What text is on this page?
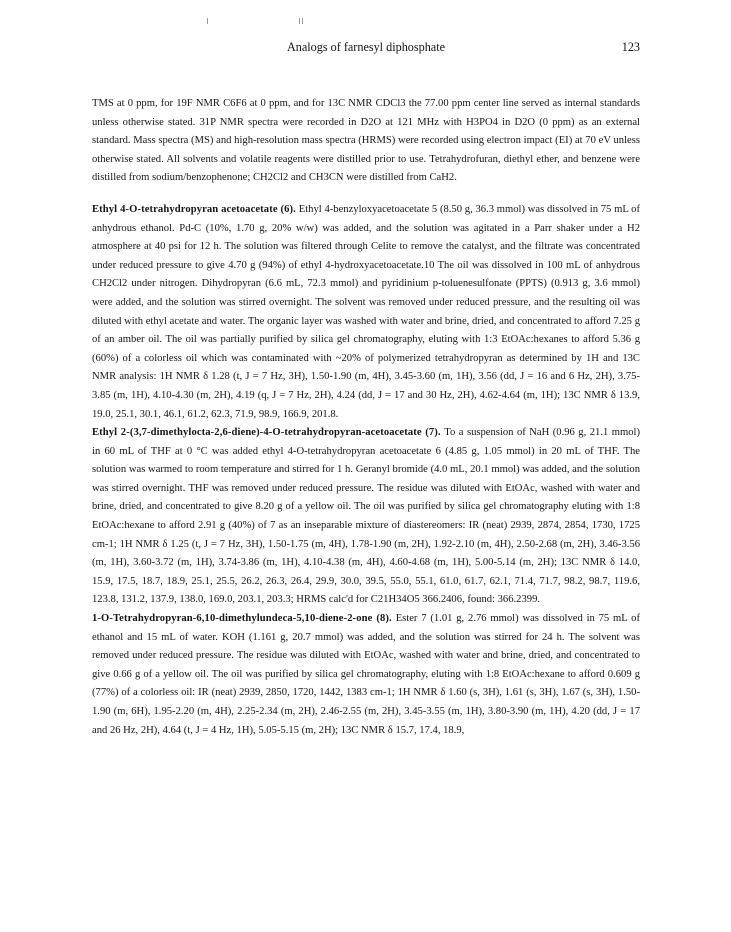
Analogs of farnesyl diphosphate	123

TMS at 0 ppm, for 19F NMR C6F6 at 0 ppm, and for 13C NMR CDCl3 the 77.00 ppm center line served as internal standards unless otherwise stated. 31P NMR spectra were recorded in D2O at 121 MHz with H3PO4 in D2O (0 ppm) as an external standard. Mass spectra (MS) and high-resolution mass spectra (HRMS) were recorded using electron impact (EI) at 70 eV unless otherwise stated. All solvents and volatile reagents were distilled prior to use. Tetrahydrofuran, diethyl ether, and benzene were distilled from sodium/benzophenone; CH2Cl2 and CH3CN were distilled from CaH2.

Ethyl 4-O-tetrahydropyran acetoacetate (6). Ethyl 4-benzyloxyacetoacetate 5 (8.50 g, 36.3 mmol) was dissolved in 75 mL of anhydrous ethanol. Pd-C (10%, 1.70 g, 20% w/w) was added, and the solution was agitated in a Parr shaker under a H2 atmosphere at 40 psi for 12 h. The solution was filtered through Celite to remove the catalyst, and the filtrate was concentrated under reduced pressure to give 4.70 g (94%) of ethyl 4-hydroxyacetoacetate.10 The oil was dissolved in 100 mL of anhydrous CH2Cl2 under nitrogen. Dihydropyran (6.6 mL, 72.3 mmol) and pyridinium p-toluenesulfonate (PPTS) (0.913 g, 3.6 mmol) were added, and the solution was stirred overnight. The solvent was removed under reduced pressure, and the resulting oil was diluted with ethyl acetate and water. The organic layer was washed with water and brine, dried, and concentrated to afford 7.25 g of an amber oil. The oil was partially purified by silica gel chromatography, eluting with 1:3 EtOAc:hexanes to afford 5.36 g (60%) of a colorless oil which was contaminated with ~20% of polymerized tetrahydropyran as determined by 1H and 13C NMR analysis: 1H NMR δ 1.28 (t, J = 7 Hz, 3H), 1.50-1.90 (m, 4H), 3.45-3.60 (m, 1H), 3.56 (dd, J = 16 and 6 Hz, 2H), 3.75-3.85 (m, 1H), 4.10-4.30 (m, 2H), 4.19 (q, J = 7 Hz, 2H), 4.24 (dd, J = 17 and 30 Hz, 2H), 4.62-4.64 (m, 1H); 13C NMR δ 13.9, 19.0, 25.1, 30.1, 46.1, 61.2, 62.3, 71.9, 98.9, 166.9, 201.8.

Ethyl 2-(3,7-dimethylocta-2,6-diene)-4-O-tetrahydropyran-acetoacetate (7). To a suspension of NaH (0.96 g, 21.1 mmol) in 60 mL of THF at 0 °C was added ethyl 4-O-tetrahydropyran acetoacetate 6 (4.85 g, 1.05 mmol) in 20 mL of THF. The solution was warmed to room temperature and stirred for 1 h. Geranyl bromide (4.0 mL, 20.1 mmol) was added, and the solution was stirred overnight. THF was removed under reduced pressure. The residue was diluted with EtOAc, washed with water and brine, dried, and concentrated to give 8.20 g of a yellow oil. The oil was purified by silica gel chromatography eluting with 1:8 EtOAc:hexane to afford 2.91 g (40%) of 7 as an inseparable mixture of diastereomers: IR (neat) 2939, 2874, 2854, 1730, 1725 cm-1; 1H NMR δ 1.25 (t, J = 7 Hz, 3H), 1.50-1.75 (m, 4H), 1.78-1.90 (m, 2H), 1.92-2.10 (m, 4H), 2.50-2.68 (m, 2H), 3.46-3.56 (m, 1H), 3.60-3.72 (m, 1H), 3.74-3.86 (m, 1H), 4.10-4.38 (m, 4H), 4.60-4.68 (m, 1H), 5.00-5.14 (m, 2H); 13C NMR δ 14.0, 15.9, 17.5, 18.7, 18.9, 25.1, 25.5, 26.2, 26.3, 26.4, 29.9, 30.0, 39.5, 55.0, 55.1, 61.0, 61.7, 62.1, 71.4, 71.7, 98.2, 98.7, 119.6, 123.8, 131.2, 137.9, 138.0, 169.0, 203.1, 203.3; HRMS calc'd for C21H34O5 366.2406, found: 366.2399.

1-O-Tetrahydropyran-6,10-dimethylundeca-5,10-diene-2-one (8). Ester 7 (1.01 g, 2.76 mmol) was dissolved in 75 mL of ethanol and 15 mL of water. KOH (1.161 g, 20.7 mmol) was added, and the solution was stirred for 24 h. The solvent was removed under reduced pressure. The residue was diluted with EtOAc, washed with water and brine, dried, and concentrated to give 0.66 g of a yellow oil. The oil was purified by silica gel chromatography, eluting with 1:8 EtOAc:hexane to afford 0.609 g (77%) of a colorless oil: IR (neat) 2939, 2850, 1720, 1442, 1383 cm-1; 1H NMR δ 1.60 (s, 3H), 1.61 (s, 3H), 1.67 (s, 3H), 1.50-1.90 (m, 6H), 1.95-2.20 (m, 4H), 2.25-2.34 (m, 2H), 2.46-2.55 (m, 2H), 3.45-3.55 (m, 1H), 3.80-3.90 (m, 1H), 4.20 (dd, J = 17 and 26 Hz, 2H), 4.64 (t, J = 4 Hz, 1H), 5.05-5.15 (m, 2H); 13C NMR δ 15.7, 17.4, 18.9,
